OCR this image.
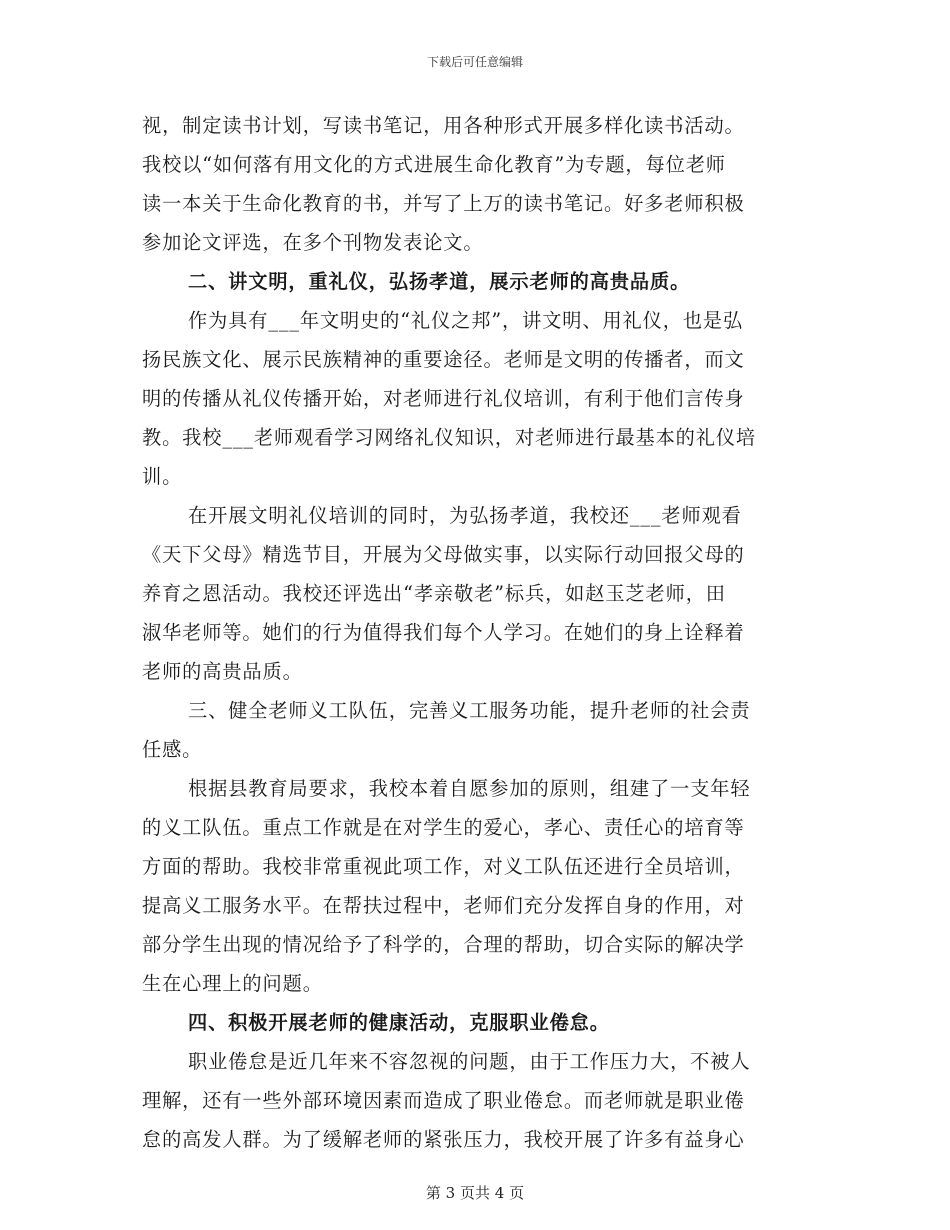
下载后可任意编辑
视，制定读书计划，写读书笔记，用各种形式开展多样化读书活动。
我校以“如何落有用文化的方式进展生命化教育”为专题，每位老师
读一本关于生命化教育的书，并写了上万的读书笔记。好多老师积极
参加论文评选，在多个刊物发表论文。
二、讲文明，重礼仪，弘扬孝道，展示老师的高贵品质。
作为具有___年文明史的“礼仪之邦”，讲文明、用礼仪，也是弘
扬民族文化、展示民族精神的重要途径。老师是文明的传播者，而文
明的传播从礼仪传播开始，对老师进行礼仪培训，有利于他们言传身
教。我校___老师观看学习网络礼仪知识，对老师进行最基本的礼仪培
训。
在开展文明礼仪培训的同时，为弘扬孝道，我校还___老师观看
《天下父母》精选节目，开展为父母做实事，以实际行动回报父母的
养育之恩活动。我校还评选出“孝亲敬老”标兵，如赵玉芝老师，田
淑华老师等。她们的行为值得我们每个人学习。在她们的身上诠释着
老师的高贵品质。
三、健全老师义工队伍，完善义工服务功能，提升老师的社会责
任感。
根据县教育局要求，我校本着自愿参加的原则，组建了一支年轻
的义工队伍。重点工作就是在对学生的爱心，孝心、责任心的培育等
方面的帮助。我校非常重视此项工作，对义工队伍还进行全员培训，
提高义工服务水平。在帮扶过程中，老师们充分发挥自身的作用，对
部分学生出现的情况给予了科学的，合理的帮助，切合实际的解决学
生在心理上的问题。
四、积极开展老师的健康活动，克服职业倦怠。
职业倦怠是近几年来不容忽视的问题，由于工作压力大，不被人
理解，还有一些外部环境因素而造成了职业倦怠。而老师就是职业倦
怠的高发人群。为了缓解老师的紧张压力，我校开展了许多有益身心
第 3 页共 4 页
